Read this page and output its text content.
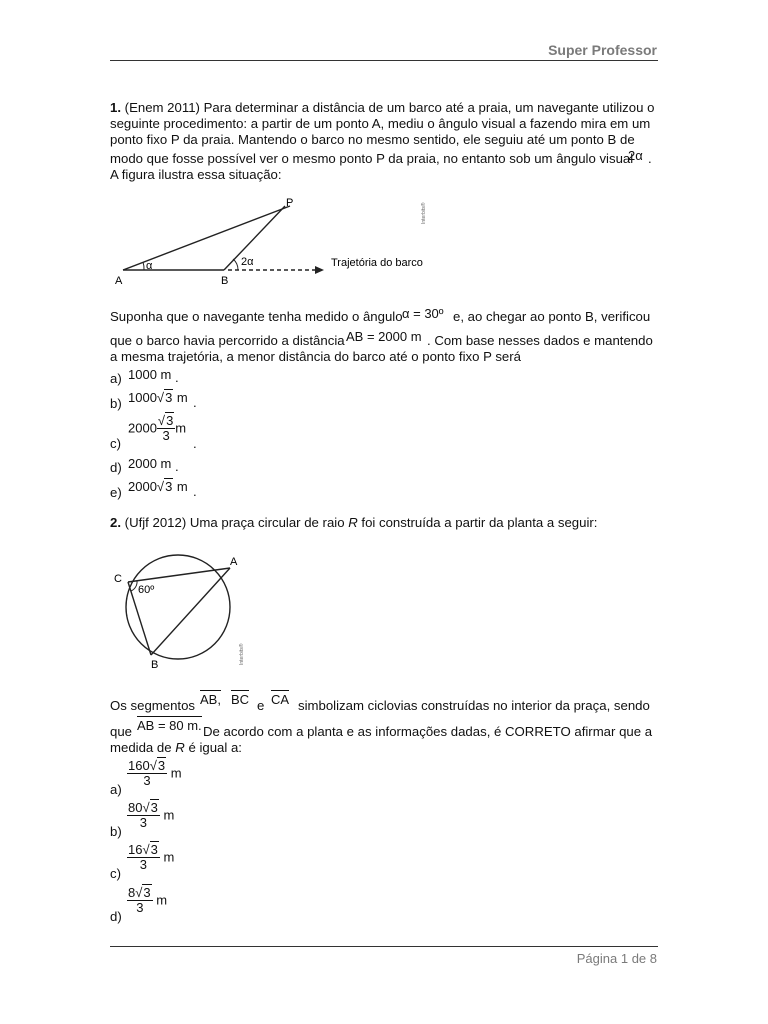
Super Professor
1. (Enem 2011) Para determinar a distância de um barco até a praia, um navegante utilizou o
seguinte procedimento: a partir de um ponto A, mediu o ângulo visual a fazendo mira em um
ponto fixo P da praia. Mantendo o barco no mesmo sentido, ele seguiu até um ponto B de
modo que fosse possível ver o mesmo ponto P da praia, no entanto sob um ângulo visual
2α .
A figura ilustra essa situação:
P
A	B
α	2α	Trajetória do barco
Interbits®
Suponha que o navegante tenha medido o ângulo α = 30º e, ao chegar ao ponto B, verificou
que o barco havia percorrido a distância AB = 2000 m . Com base nesses dados e mantendo
a mesma trajetória, a menor distância do barco até o ponto fixo P será
a) 1000 m .
b) 1000√3 m .
c)
$2000 \frac{√3}{3}$ m
.
d) 2000 m .
e) 2000√3 m .
2. (Ufjf 2012) Uma praça circular de raio R foi construída a partir da planta a seguir:
C
A
B
60º
Interbits®
Os segmentos AB, BC e CA simbolizam ciclovias construídas no interior da praça, sendo
que AB = 80 m. De acordo com a planta e as informações dadas, é CORRETO afirmar que a
medida de R é igual a:
a)
$\frac{160√3}{3}$ m
b)
$\frac{80√3}{3}$ m
c)
$\frac{16√3}{3}$ m
d)
$\frac{8√3}{3}$ m
Página 1 de 8
